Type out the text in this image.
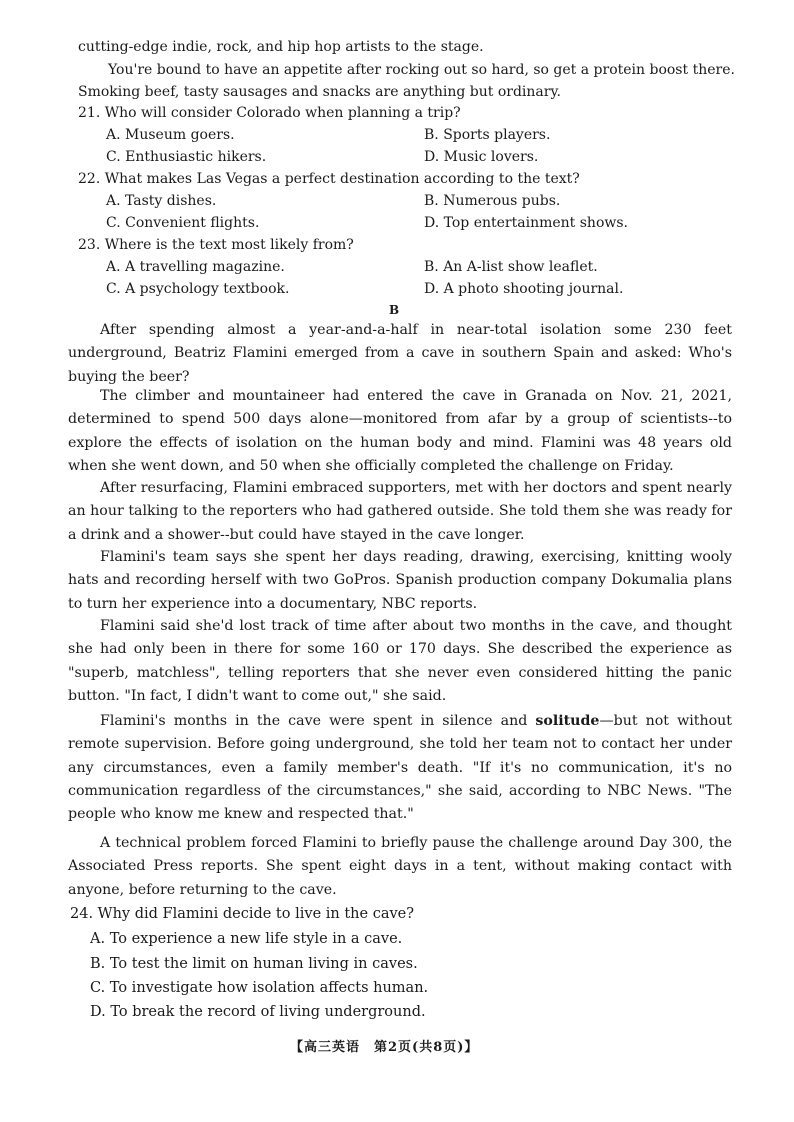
cutting-edge indie, rock, and hip hop artists to the stage.
You're bound to have an appetite after rocking out so hard, so get a protein boost there.
Smoking beef, tasty sausages and snacks are anything but ordinary.
21. Who will consider Colorado when planning a trip?
A. Museum goers.	B. Sports players.
C. Enthusiastic hikers.	D. Music lovers.
22. What makes Las Vegas a perfect destination according to the text?
A. Tasty dishes.	B. Numerous pubs.
C. Convenient flights.	D. Top entertainment shows.
23. Where is the text most likely from?
A. A travelling magazine.	B. An A-list show leaflet.
C. A psychology textbook.	D. A photo shooting journal.
B
After spending almost a year-and-a-half in near-total isolation some 230 feet underground, Beatriz Flamini emerged from a cave in southern Spain and asked: Who's buying the beer?
The climber and mountaineer had entered the cave in Granada on Nov. 21, 2021, determined to spend 500 days alone—monitored from afar by a group of scientists--to explore the effects of isolation on the human body and mind. Flamini was 48 years old when she went down, and 50 when she officially completed the challenge on Friday.
After resurfacing, Flamini embraced supporters, met with her doctors and spent nearly an hour talking to the reporters who had gathered outside. She told them she was ready for a drink and a shower--but could have stayed in the cave longer.
Flamini's team says she spent her days reading, drawing, exercising, knitting wooly hats and recording herself with two GoPros. Spanish production company Dokumalia plans to turn her experience into a documentary, NBC reports.
Flamini said she'd lost track of time after about two months in the cave, and thought she had only been in there for some 160 or 170 days. She described the experience as "superb, matchless", telling reporters that she never even considered hitting the panic button. "In fact, I didn't want to come out," she said.
Flamini's months in the cave were spent in silence and solitude—but not without remote supervision. Before going underground, she told her team not to contact her under any circumstances, even a family member's death. "If it's no communication, it's no communication regardless of the circumstances," she said, according to NBC News. "The people who know me knew and respected that."
A technical problem forced Flamini to briefly pause the challenge around Day 300, the Associated Press reports. She spent eight days in a tent, without making contact with anyone, before returning to the cave.
24. Why did Flamini decide to live in the cave?
A. To experience a new life style in a cave.
B. To test the limit on human living in caves.
C. To investigate how isolation affects human.
D. To break the record of living underground.
【高三英语　第2页(共8页)】
